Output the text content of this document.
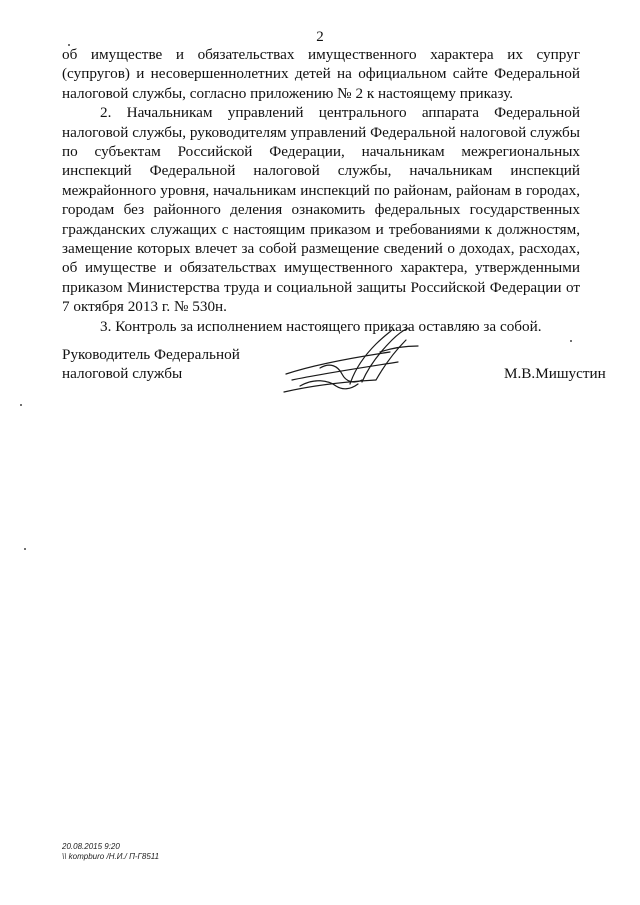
2

об имуществе и обязательствах имущественного характера их супруг (супругов) и несовершеннолетних детей на официальном сайте Федеральной налоговой службы, согласно приложению № 2 к настоящему приказу.

2. Начальникам управлений центрального аппарата Федеральной налоговой службы, руководителям управлений Федеральной налоговой службы по субъектам Российской Федерации, начальникам межрегиональных инспекций Федеральной налоговой службы, начальникам инспекций межрайонного уровня, начальникам инспекций по районам, районам в городах, городам без районного деления ознакомить федеральных государственных гражданских служащих с настоящим приказом и требованиями к должностям, замещение которых влечет за собой размещение сведений о доходах, расходах, об имуществе и обязательствах имущественного характера, утвержденными приказом Министерства труда и социальной защиты Российской Федерации от 7 октября 2013 г. № 530н.

3. Контроль за исполнением настоящего приказа оставляю за собой.

Руководитель Федеральной
налоговой службы	М.В.Мишустин
20.08.2015 9:20
\\ kompburo /Н.И./ П-Г8511
